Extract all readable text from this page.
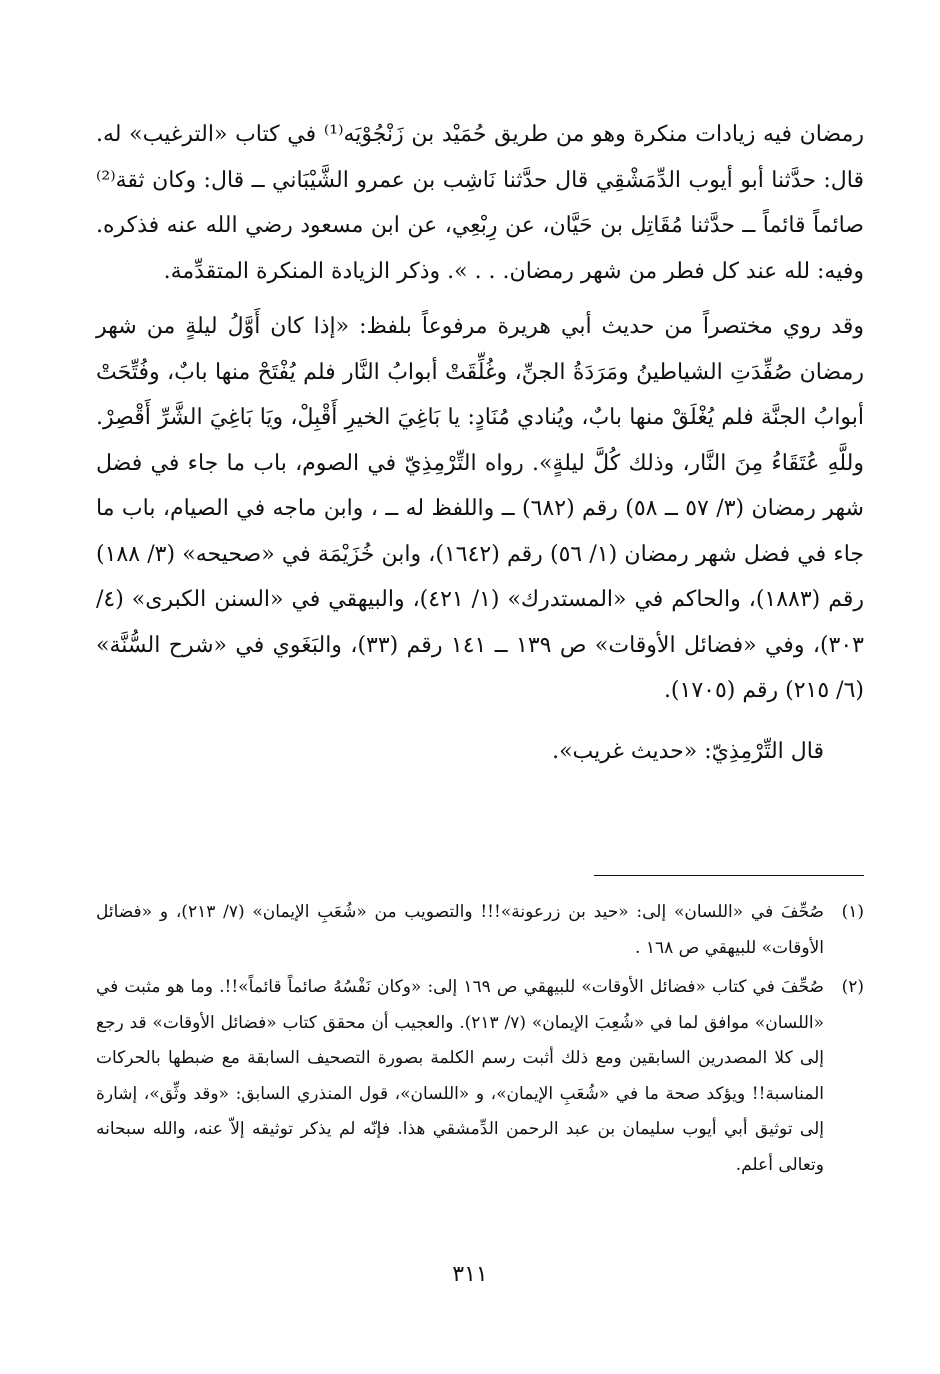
رمضان فيه زيادات منكرة وهو من طريق حُمَيْد بن زَنْجُوْيَه⁽¹⁾ في كتاب «الترغيب» له. قال: حدَّثنا أبو أيوب الدِّمَشْقِي قال حدَّثنا نَاشِب بن عمرو الشَّيْبَاني ــ قال: وكان ثقة⁽²⁾ صائماً قائماً ــ حدَّثنا مُقَاتِل بن حَيَّان، عن رِبْعِي، عن ابن مسعود رضي الله عنه فذكره. وفيه: لله عند كل فطر من شهر رمضان. . . ». وذكر الزيادة المنكرة المتقدِّمة.

وقد روي مختصراً من حديث أبي هريرة مرفوعاً بلفظ: «إذا كان أَوَّلُ ليلةٍ من شهر رمضان صُفِّدَتِ الشياطينُ ومَرَدَةُ الجنِّ، وغُلِّقَتْ أبوابُ النَّار فلم يُفْتَحْ منها بابٌ، وفُتِّحَتْ أبوابُ الجنَّة فلم يُغْلَقْ منها بابٌ، ويُنادي مُنَادٍ: يا بَاغِيَ الخيرِ أَقْبِلْ، ويَا بَاغِيَ الشَّرِّ أَقْصِرْ. وللَّهِ عُتَقَاءُ مِنَ النَّار، وذلك كُلَّ ليلةٍ». رواه التِّرْمِذِيّ في الصوم، باب ما جاء في فضل شهر رمضان (٣/ ٥٧ ــ ٥٨) رقم (٦٨٢) ــ واللفظ له ــ ، وابن ماجه في الصيام، باب ما جاء في فضل شهر رمضان (١/ ٥٦) رقم (١٦٤٢)، وابن خُزَيْمَة في «صحيحه» (٣/ ١٨٨) رقم (١٨٨٣)، والحاكم في «المستدرك» (١/ ٤٢١)، والبيهقي في «السنن الكبرى» (٤/ ٣٠٣)، وفي «فضائل الأوقات» ص ١٣٩ ــ ١٤١ رقم (٣٣)، والبَغَوي في «شرح السُّنَّة» (٦/ ٢١٥) رقم (١٧٠٥).

قال التِّرْمِذِيّ: «حديث غريب».

(١)
صُحِّفَ في «اللسان» إلى: «حيد بن زرعونة»!!! والتصويب من «شُعَبِ الإيمان» (٧/ ٢١٣)، و «فضائل الأوقات» للبيهقي ص ١٦٨ .
(٢)
صُحِّفَ في كتاب «فضائل الأوقات» للبيهقي ص ١٦٩ إلى: «وكان نَفْسُهُ صائماً قائماً»!!. وما هو مثبت في «اللسان» موافق لما في «شُعِبَ الإيمان» (٧/ ٢١٣). والعجيب أن محقق كتاب «فضائل الأوقات» قد رجع إلى كلا المصدرين السابقين ومع ذلك أثبت رسم الكلمة بصورة التصحيف السابقة مع ضبطها بالحركات المناسبة!! ويؤكد صحة ما في «شُعَبِ الإيمان»، و «اللسان»، قول المنذري السابق: «وقد وثِّق»، إشارة إلى توثيق أبي أيوب سليمان بن عبد الرحمن الدِّمشقي هذا. فإنّه لم يذكر توثيقه إلاّ عنه، والله سبحانه وتعالى أعلم.
٣١١
